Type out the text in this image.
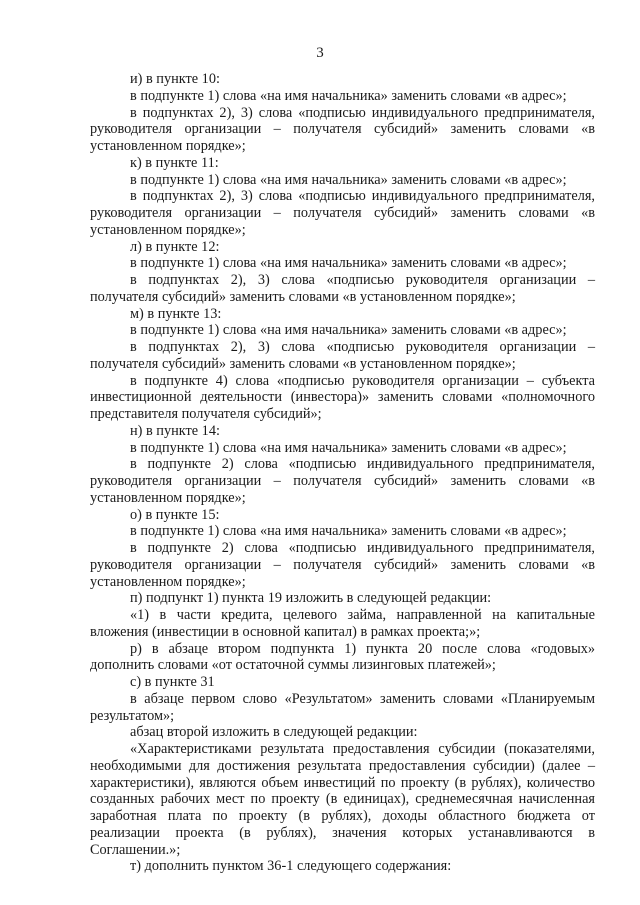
3

и) в пункте 10:

в подпункте 1) слова «на имя начальника» заменить словами «в адрес»;

в подпунктах 2), 3) слова «подписью индивидуального предпринимателя, руководителя организации – получателя субсидий» заменить словами «в установленном порядке»;

к) в пункте 11:

в подпункте 1) слова «на имя начальника» заменить словами «в адрес»;

в подпунктах 2), 3) слова «подписью индивидуального предпринимателя, руководителя организации – получателя субсидий» заменить словами «в установленном порядке»;

л) в пункте 12:

в подпункте 1) слова «на имя начальника» заменить словами «в адрес»;

в подпунктах 2), 3) слова «подписью руководителя организации – получателя субсидий» заменить словами «в установленном порядке»;

м) в пункте 13:

в подпункте 1) слова «на имя начальника» заменить словами «в адрес»;

в подпунктах 2), 3) слова «подписью руководителя организации – получателя субсидий» заменить словами «в установленном порядке»;

в подпункте 4) слова «подписью руководителя организации – субъекта инвестиционной деятельности (инвестора)» заменить словами «полномочного представителя получателя субсидий»;

н) в пункте 14:

в подпункте 1) слова «на имя начальника» заменить словами «в адрес»;

в подпункте 2) слова «подписью индивидуального предпринимателя, руководителя организации – получателя субсидий» заменить словами «в установленном порядке»;

о) в пункте 15:

в подпункте 1) слова «на имя начальника» заменить словами «в адрес»;

в подпункте 2) слова «подписью индивидуального предпринимателя, руководителя организации – получателя субсидий» заменить словами «в установленном порядке»;

п) подпункт 1) пункта 19 изложить в следующей редакции:

«1) в части кредита, целевого займа, направленной на капитальные вложения (инвестиции в основной капитал) в рамках проекта;»;

р) в абзаце втором подпункта 1) пункта 20 после слова «годовых» дополнить словами «от остаточной суммы лизинговых платежей»;

с) в пункте 31

в абзаце первом слово «Результатом» заменить словами «Планируемым результатом»;

абзац второй изложить в следующей редакции:

«Характеристиками результата предоставления субсидии (показателями, необходимыми для достижения результата предоставления субсидии) (далее – характеристики), являются объем инвестиций по проекту (в рублях), количество созданных рабочих мест по проекту (в единицах), среднемесячная начисленная заработная плата по проекту (в рублях), доходы областного бюджета от реализации проекта (в рублях), значения которых устанавливаются в Соглашении.»;

т) дополнить пунктом 36-1 следующего содержания:
